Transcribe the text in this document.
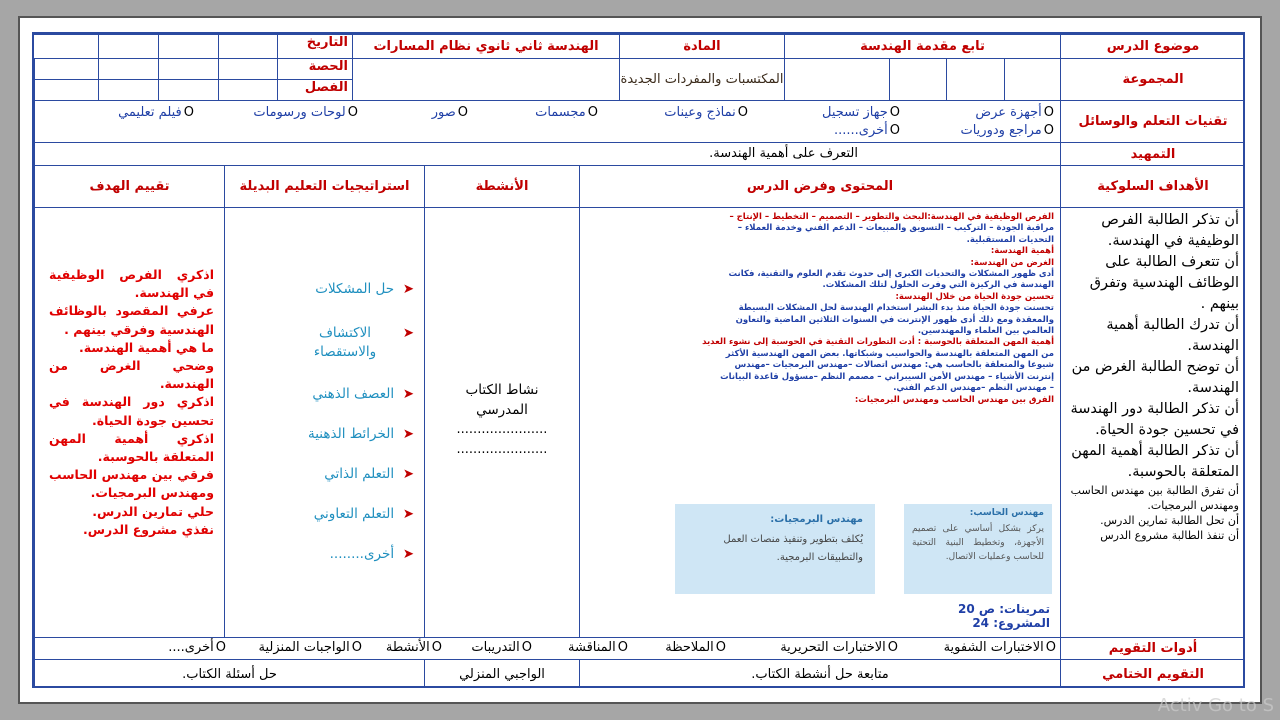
موضوع الدرس
تابع مقدمة الهندسة
المادة
الهندسة ثاني ثانوي نظام المسارات
التاريخ
المجموعة
المكتسبات والمفردات الجديدة
الحصة
الفصل
تقنيات التعلم والوسائل
Oأجهزة عرض
Oجهاز تسجيل
Oنماذج وعينات
Oمجسمات
Oصور
Oلوحات ورسومات
Oفيلم تعليمي
Oمراجع ودوريات
Oأخرى......
التمهيد
التعرف على أهمية الهندسة.
الأهداف السلوكية
المحتوى وفرض الدرس
الأنشطة
استراتيجيات التعليم البديلة
تقييم الهدف
أن تذكر الطالبة الفرص الوظيفية في الهندسة.
أن تتعرف الطالبة على الوظائف الهندسية وتفرق بينهم .
أن تدرك الطالبة أهمية الهندسة.
أن توضح الطالبة الغرض من الهندسة.
أن تذكر الطالبة دور الهندسة في تحسين جودة الحياة.
أن تذكر الطالبة أهمية المهن المتعلقة بالحوسبة.
أن تفرق الطالبة بين مهندس الحاسب ومهندس البرمجيات.
أن تحل الطالبة تمارين الدرس.
أن تنفذ الطالبة مشروع الدرس
الفرص الوظيفية في الهندسة:البحث والتطوير – التصميم – التخطيط – الإنتاج –
مراقبة الجودة – التركيب – التسويق والمبيعات – الدعم الفني وخدمة العملاء –
التحديات المستقبلية.
أهمية الهندسة:
الغرض من الهندسة:
أدى ظهور المشكلات والتحديات الكبرى إلى حدوث تقدم العلوم والتقنية، فكانت
الهندسة في الركيزة التي وفرت الحلول لتلك المشكلات.
تحسين جودة الحياة من خلال الهندسة:
تحسنت جودة الحياة منذ بدء البشر استخدام الهندسة لحل المشكلات البسيطة
والمعقدة ومع ذلك أدى ظهور الإنترنت في السنوات الثلاثين الماضية والتعاون
العالمي بين العلماء والمهندسين.
أهمية المهن المتعلقة بالحوسبة : أدت التطورات التقنية في الحوسبة إلى نشوء العديد
من المهن المتعلقة بالهندسة والحواسيب وشبكاتها. بعض المهن الهندسية الأكثر
شيوعا والمتعلقة بالحاسب هي: مهندس اتصالات –مهندس البرمجيات –مهندس
إنترنت الأشياء – مهندس الأمن السيبراني – مصمم النظم –مسؤول قاعدة البيانات
– مهندس النظم –مهندس الدعم الفني.
الفرق بين مهندس الحاسب ومهندس البرمجيات:
مهندس الحاسب:
يركز بشكل أساسي على تصميم الأجهزة، وتخطيط البنية التحتية للحاسب وعمليات الاتصال.
مهندس البرمجيات:
يُكلف بتطوير وتنفيذ منصات العمل والتطبيقات البرمجية.
تمرينات: ص 20
المشروع: 24
نشاط الكتاب المدرسي
......................
......................
➤  حل المشكلات
➤
الاكتشاف والاستقصاء
➤  العصف الذهني
➤  الخرائط الذهنية
➤  التعلم الذاتي
➤  التعلم التعاوني
➤  أخرى........
اذكري الفرص الوظيفية في الهندسة.
عرفي المقصود بالوظائف الهندسية وفرقي بينهم .
ما هي أهمية الهندسة.
وضحي الغرض من الهندسة.
اذكري دور الهندسة في تحسين جودة الحياة.
اذكري أهمية المهن المتعلقة بالحوسبة.
فرقي بين مهندس الحاسب ومهندس البرمجيات.
حلي تمارين الدرس.
نفذي مشروع الدرس.
أدوات التقويم
Oالاختبارات الشفوية
Oالاختبارات التحريرية
Oالملاحظة
Oالمناقشة
Oالتدريبات
Oالأنشطة
Oالواجبات المنزلية
Oأخرى....
التقويم الختامي
متابعة حل أنشطة الكتاب.
الواجبي المنزلي
حل أسئلة الكتاب.
Activ Go to S
